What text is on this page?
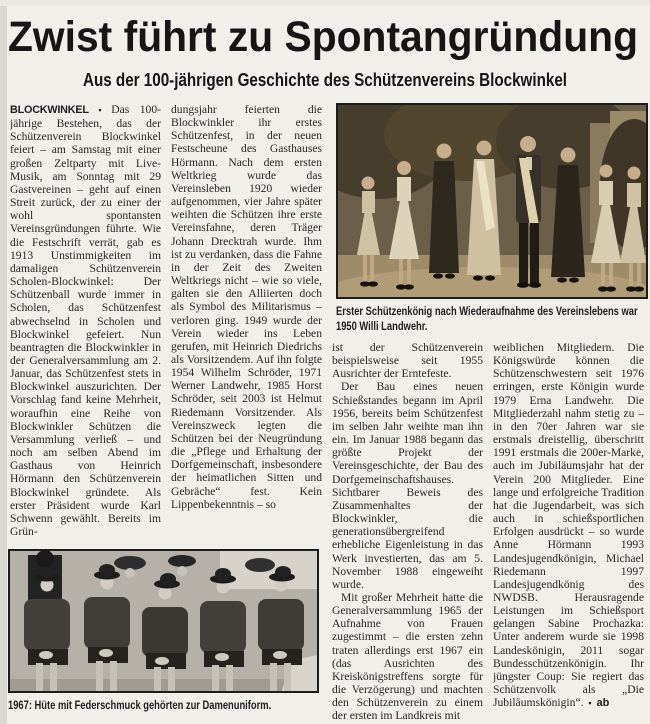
Zwist führt zu Spontangründung
Aus der 100-jährigen Geschichte des Schützenvereins Blockwinkel

BLOCKWINKEL ▪ Das 100-jährige Bestehen, das der Schützenverein Blockwinkel feiert – am Samstag mit einer großen Zeltparty mit Live-Musik, am Sonntag mit 29 Gastvereinen – geht auf einen Streit zurück, der zu einer der wohl spontansten Vereinsgründungen führte. Wie die Festschrift verrät, gab es 1913 Unstimmigkeiten im damaligen Schützenverein Scholen-Blockwinkel: Der Schützenball wurde immer in Scholen, das Schützenfest abwechselnd in Scholen und Blockwinkel gefeiert. Nun beantragten die Blockwinkler in der Generalversammlung am 2. Januar, das Schützenfest stets in Blockwinkel auszurichten. Der Vorschlag fand keine Mehrheit, woraufhin eine Reihe von Blockwinkler Schützen die Versammlung verließ – und noch am selben Abend im Gasthaus von Heinrich Hörmann den Schützenverein Blockwinkel gründete. Als erster Präsident wurde Karl Schwenn gewählt. Bereits im Grün-

dungsjahr feierten die Blockwinkler ihr erstes Schützenfest, in der neuen Festscheune des Gasthauses Hörmann. Nach dem ersten Weltkrieg wurde das Vereinsleben 1920 wieder aufgenommen, vier Jahre später weihten die Schützen ihre erste Vereinsfahne, deren Träger Johann Drecktrah wurde. Ihm ist zu verdanken, dass die Fahne in der Zeit des Zweiten Weltkriegs nicht – wie so viele, galten sie den Alliierten doch als Symbol des Militarismus – verloren ging. 1949 wurde der Verein wieder ins Leben gerufen, mit Heinrich Diedrichs als Vorsitzendem. Auf ihn folgte 1954 Wilhelm Schröder, 1971 Werner Landwehr, 1985 Horst Schröder, seit 2003 ist Helmut Riedemann Vorsitzender. Als Vereinszweck legten die Schützen bei der Neugründung die „Pflege und Erhaltung der Dorfgemeinschaft, insbesondere der heimatlichen Sitten und Gebräche“ fest. Kein Lippenbekenntnis – so

Erster Schützenkönig nach Wiederaufnahme des Vereinslebens war 1950 Willi Landwehr.

ist der Schützenverein beispielsweise seit 1955 Ausrichter der Erntefeste.

Der Bau eines neuen Schießstandes begann im April 1956, bereits beim Schützenfest im selben Jahr weihte man ihn ein. Im Januar 1988 begann das größte Projekt der Vereinsgeschichte, der Bau des Dorfgemeinschaftshauses. Sichtbarer Beweis des Zusammenhaltes der Blockwinkler, die generationsübergreifend erhebliche Eigenleistung in das Werk investierten, das am 5. November 1988 eingeweiht wurde.

Mit großer Mehrheit hatte die Generalversammlung 1965 der Aufnahme von Frauen zugestimmt – die ersten zehn traten allerdings erst 1967 ein (das Ausrichten des Kreiskönigstreffens sorgte für die Verzögerung) und machten den Schützenverein zu einem der ersten im Landkreis mit

weiblichen Mitgliedern. Die Königswürde können die Schützenschwestern seit 1976 erringen, erste Königin wurde 1979 Erna Landwehr. Die Mitgliederzahl nahm stetig zu – in den 70er Jahren war sie erstmals dreistellig, überschritt 1991 erstmals die 200er-Marke, auch im Jubiläumsjahr hat der Verein 200 Mitglieder. Eine lange und erfolgreiche Tradition hat die Jugendarbeit, was sich auch in schießsportlichen Erfolgen ausdrückt – so wurde Anne Hörmann 1993 Landesjugendkönigin, Michael Riedemann 1997 Landesjugendkönig des NWDSB. Herausragende Leistungen im Schießsport gelangen Sabine Prochazka: Unter anderem wurde sie 1998 Landeskönigin, 2011 sogar Bundesschützenkönigin. Ihr jüngster Coup: Sie regiert das Schützenvolk als „Die Jubiläumskönigin“. ▪ ab

1967: Hüte mit Federschmuck gehörten zur Damenuniform.
